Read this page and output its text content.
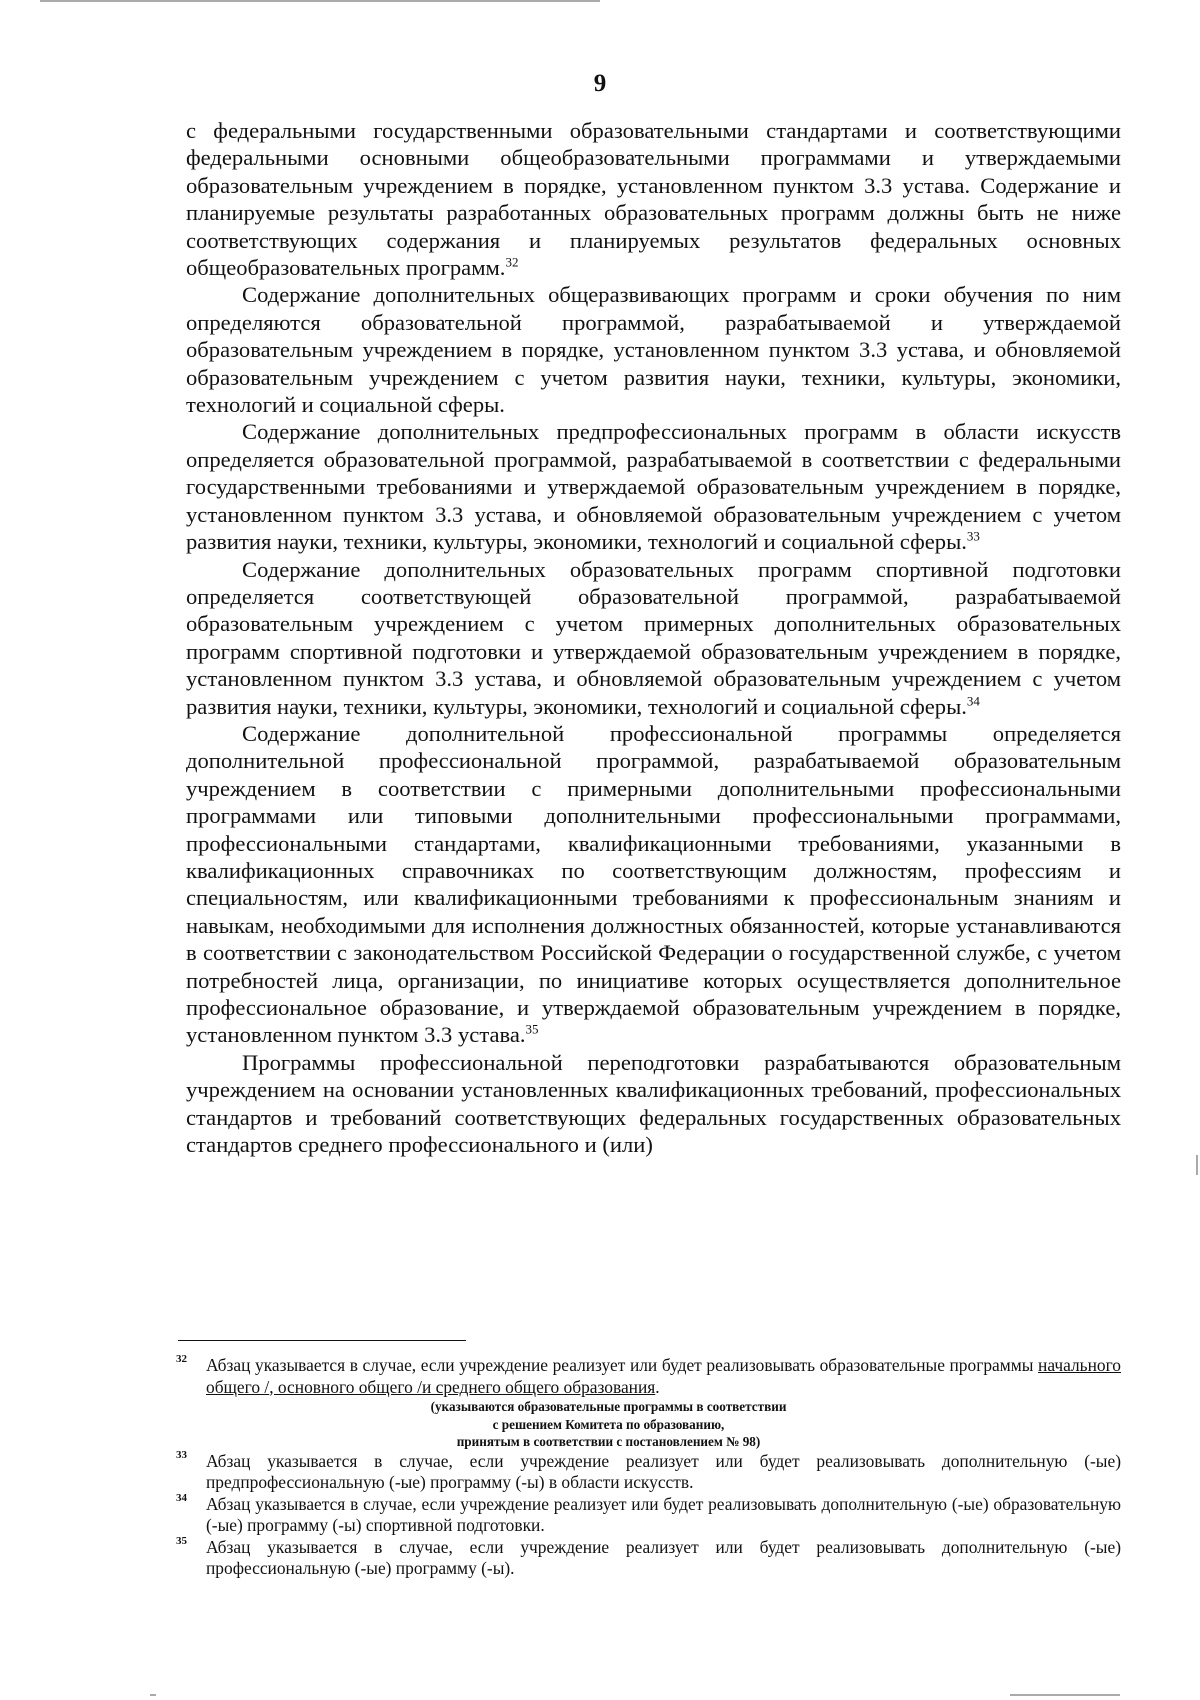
9

с федеральными государственными образовательными стандартами и соответствующими федеральными основными общеобразовательными программами и утверждаемыми образовательным учреждением в порядке, установленном пунктом 3.3 устава. Содержание и планируемые результаты разработанных образовательных программ должны быть не ниже соответствующих содержания и планируемых результатов федеральных основных общеобразовательных программ.$^{32}$

Содержание дополнительных общеразвивающих программ и сроки обучения по ним определяются образовательной программой, разрабатываемой и утверждаемой образовательным учреждением в порядке, установленном пунктом 3.3 устава, и обновляемой образовательным учреждением с учетом развития науки, техники, культуры, экономики, технологий и социальной сферы.

Содержание дополнительных предпрофессиональных программ в области искусств определяется образовательной программой, разрабатываемой в соответствии с федеральными государственными требованиями и утверждаемой образовательным учреждением в порядке, установленном пунктом 3.3 устава, и обновляемой образовательным учреждением с учетом развития науки, техники, культуры, экономики, технологий и социальной сферы.$^{33}$

Содержание дополнительных образовательных программ спортивной подготовки определяется соответствующей образовательной программой, разрабатываемой образовательным учреждением с учетом примерных дополнительных образовательных программ спортивной подготовки и утверждаемой образовательным учреждением в порядке, установленном пунктом 3.3 устава, и обновляемой образовательным учреждением с учетом развития науки, техники, культуры, экономики, технологий и социальной сферы.$^{34}$

Содержание дополнительной профессиональной программы определяется дополнительной профессиональной программой, разрабатываемой образовательным учреждением в соответствии с примерными дополнительными профессиональными программами или типовыми дополнительными профессиональными программами, профессиональными стандартами, квалификационными требованиями, указанными в квалификационных справочниках по соответствующим должностям, профессиям и специальностям, или квалификационными требованиями к профессиональным знаниям и навыкам, необходимыми для исполнения должностных обязанностей, которые устанавливаются в соответствии с законодательством Российской Федерации о государственной службе, с учетом потребностей лица, организации, по инициативе которых осуществляется дополнительное профессиональное образование, и утверждаемой образовательным учреждением в порядке, установленном пунктом 3.3 устава.$^{35}$

Программы профессиональной переподготовки разрабатываются образовательным учреждением на основании установленных квалификационных требований, профессиональных стандартов и требований соответствующих федеральных государственных образовательных стандартов среднего профессионального и (или)

32 Абзац указывается в случае, если учреждение реализует или будет реализовывать образовательные программы начального общего /, основного общего /и среднего общего образования.
(указываются образовательные программы в соответствии
с решением Комитета по образованию,
принятым в соответствии с постановлением № 98)
33 Абзац указывается в случае, если учреждение реализует или будет реализовывать дополнительную (-ые) предпрофессиональную (-ые) программу (-ы) в области искусств.
34 Абзац указывается в случае, если учреждение реализует или будет реализовывать дополнительную (-ые) образовательную (-ые) программу (-ы) спортивной подготовки.
35 Абзац указывается в случае, если учреждение реализует или будет реализовывать дополнительную (-ые) профессиональную (-ые) программу (-ы).
